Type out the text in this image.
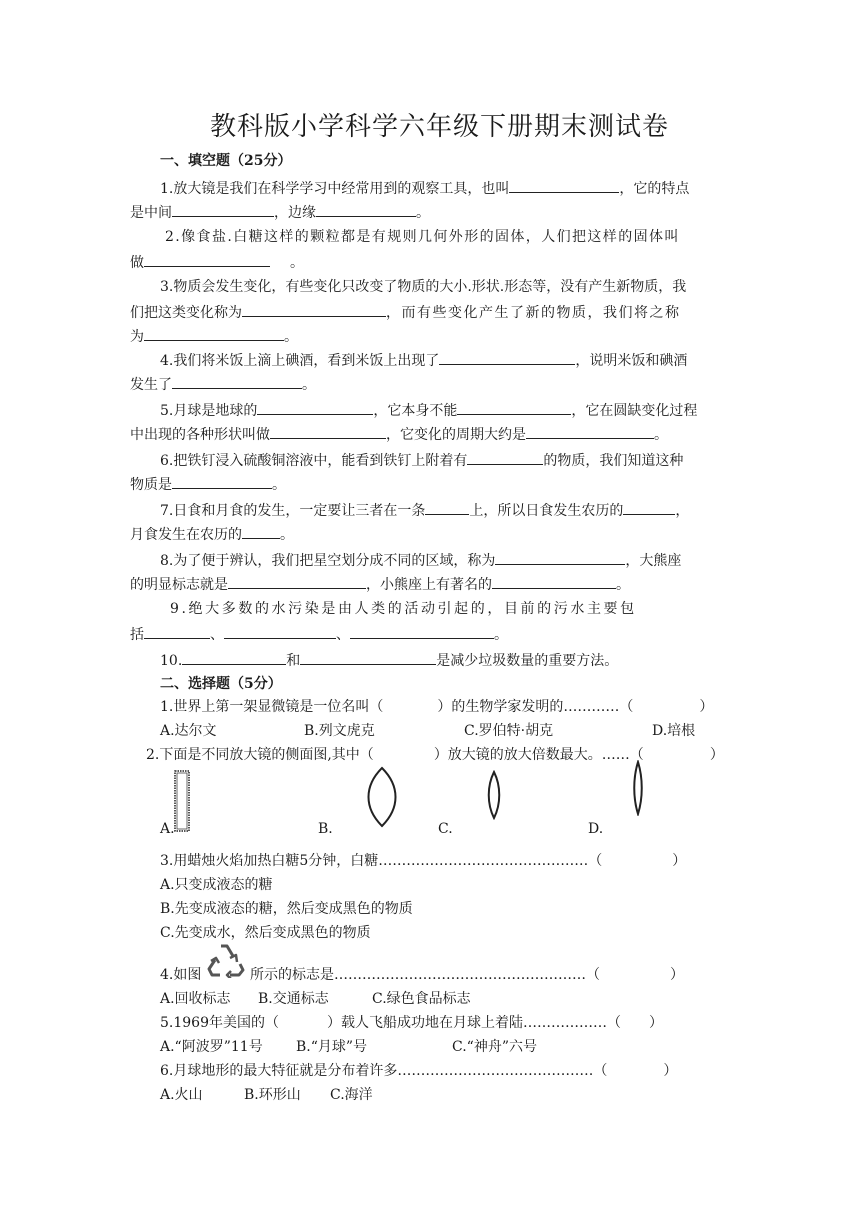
教科版小学科学六年级下册期末测试卷
一、填空题（25分）
1.放大镜是我们在科学学习中经常用到的观察工具，也叫	，它的特点
是中间	，边缘	。
2.像食盐.白糖这样的颗粒都是有规则几何外形的固体，人们把这样的固体叫
做	。
3.物质会发生变化，有些变化只改变了物质的大小.形状.形态等，没有产生新物质，我
们把这类变化称为	，而有些变化产生了新的物质，我们将之称
为	。
4.我们将米饭上滴上碘酒，看到米饭上出现了	，说明米饭和碘酒
发生了	。
5.月球是地球的	，它本身不能	，它在圆缺变化过程
中出现的各种形状叫做	，它变化的周期大约是	。
6.把铁钉浸入硫酸铜溶液中，能看到铁钉上附着有	的物质，我们知道这种
物质是	。
7.日食和月食的发生，一定要让三者在一条	上，所以日食发生农历的	，
月食发生在农历的	。
8.为了便于辨认，我们把星空划分成不同的区域，称为	，大熊座
的明显标志就是	，小熊座上有著名的	。
9.绝大多数的水污染是由人类的活动引起的，目前的污水主要包
括	、	、	。
10.	和	是减少垃圾数量的重要方法。
二、选择题（5分）
1.世界上第一架显微镜是一位名叫（	）的生物学家发明的…………（	）
A.达尔文	B.列文虎克	C.罗伯特·胡克	D.培根
2.下面是不同放大镜的侧面图,其中（	）放大镜的放大倍数最大。……（	）
A.	B.	C.	D.
3.用蜡烛火焰加热白糖5分钟，白糖………………………………………（	）
A.只变成液态的糖
B.先变成液态的糖，然后变成黑色的物质
C.先变成水，然后变成黑色的物质
4.如图	所示的标志是………………………………………………（	）
A.回收标志 B.交通标志	C.绿色食品标志
5.1969年美国的（	）载人飞船成功地在月球上着陆………………（ ）
A.“阿波罗”11号 B.“月球”号	C.“神舟”六号
6.月球地形的最大特征就是分布着许多……………………………………（	）
A.火山	B.环形山 C.海洋
